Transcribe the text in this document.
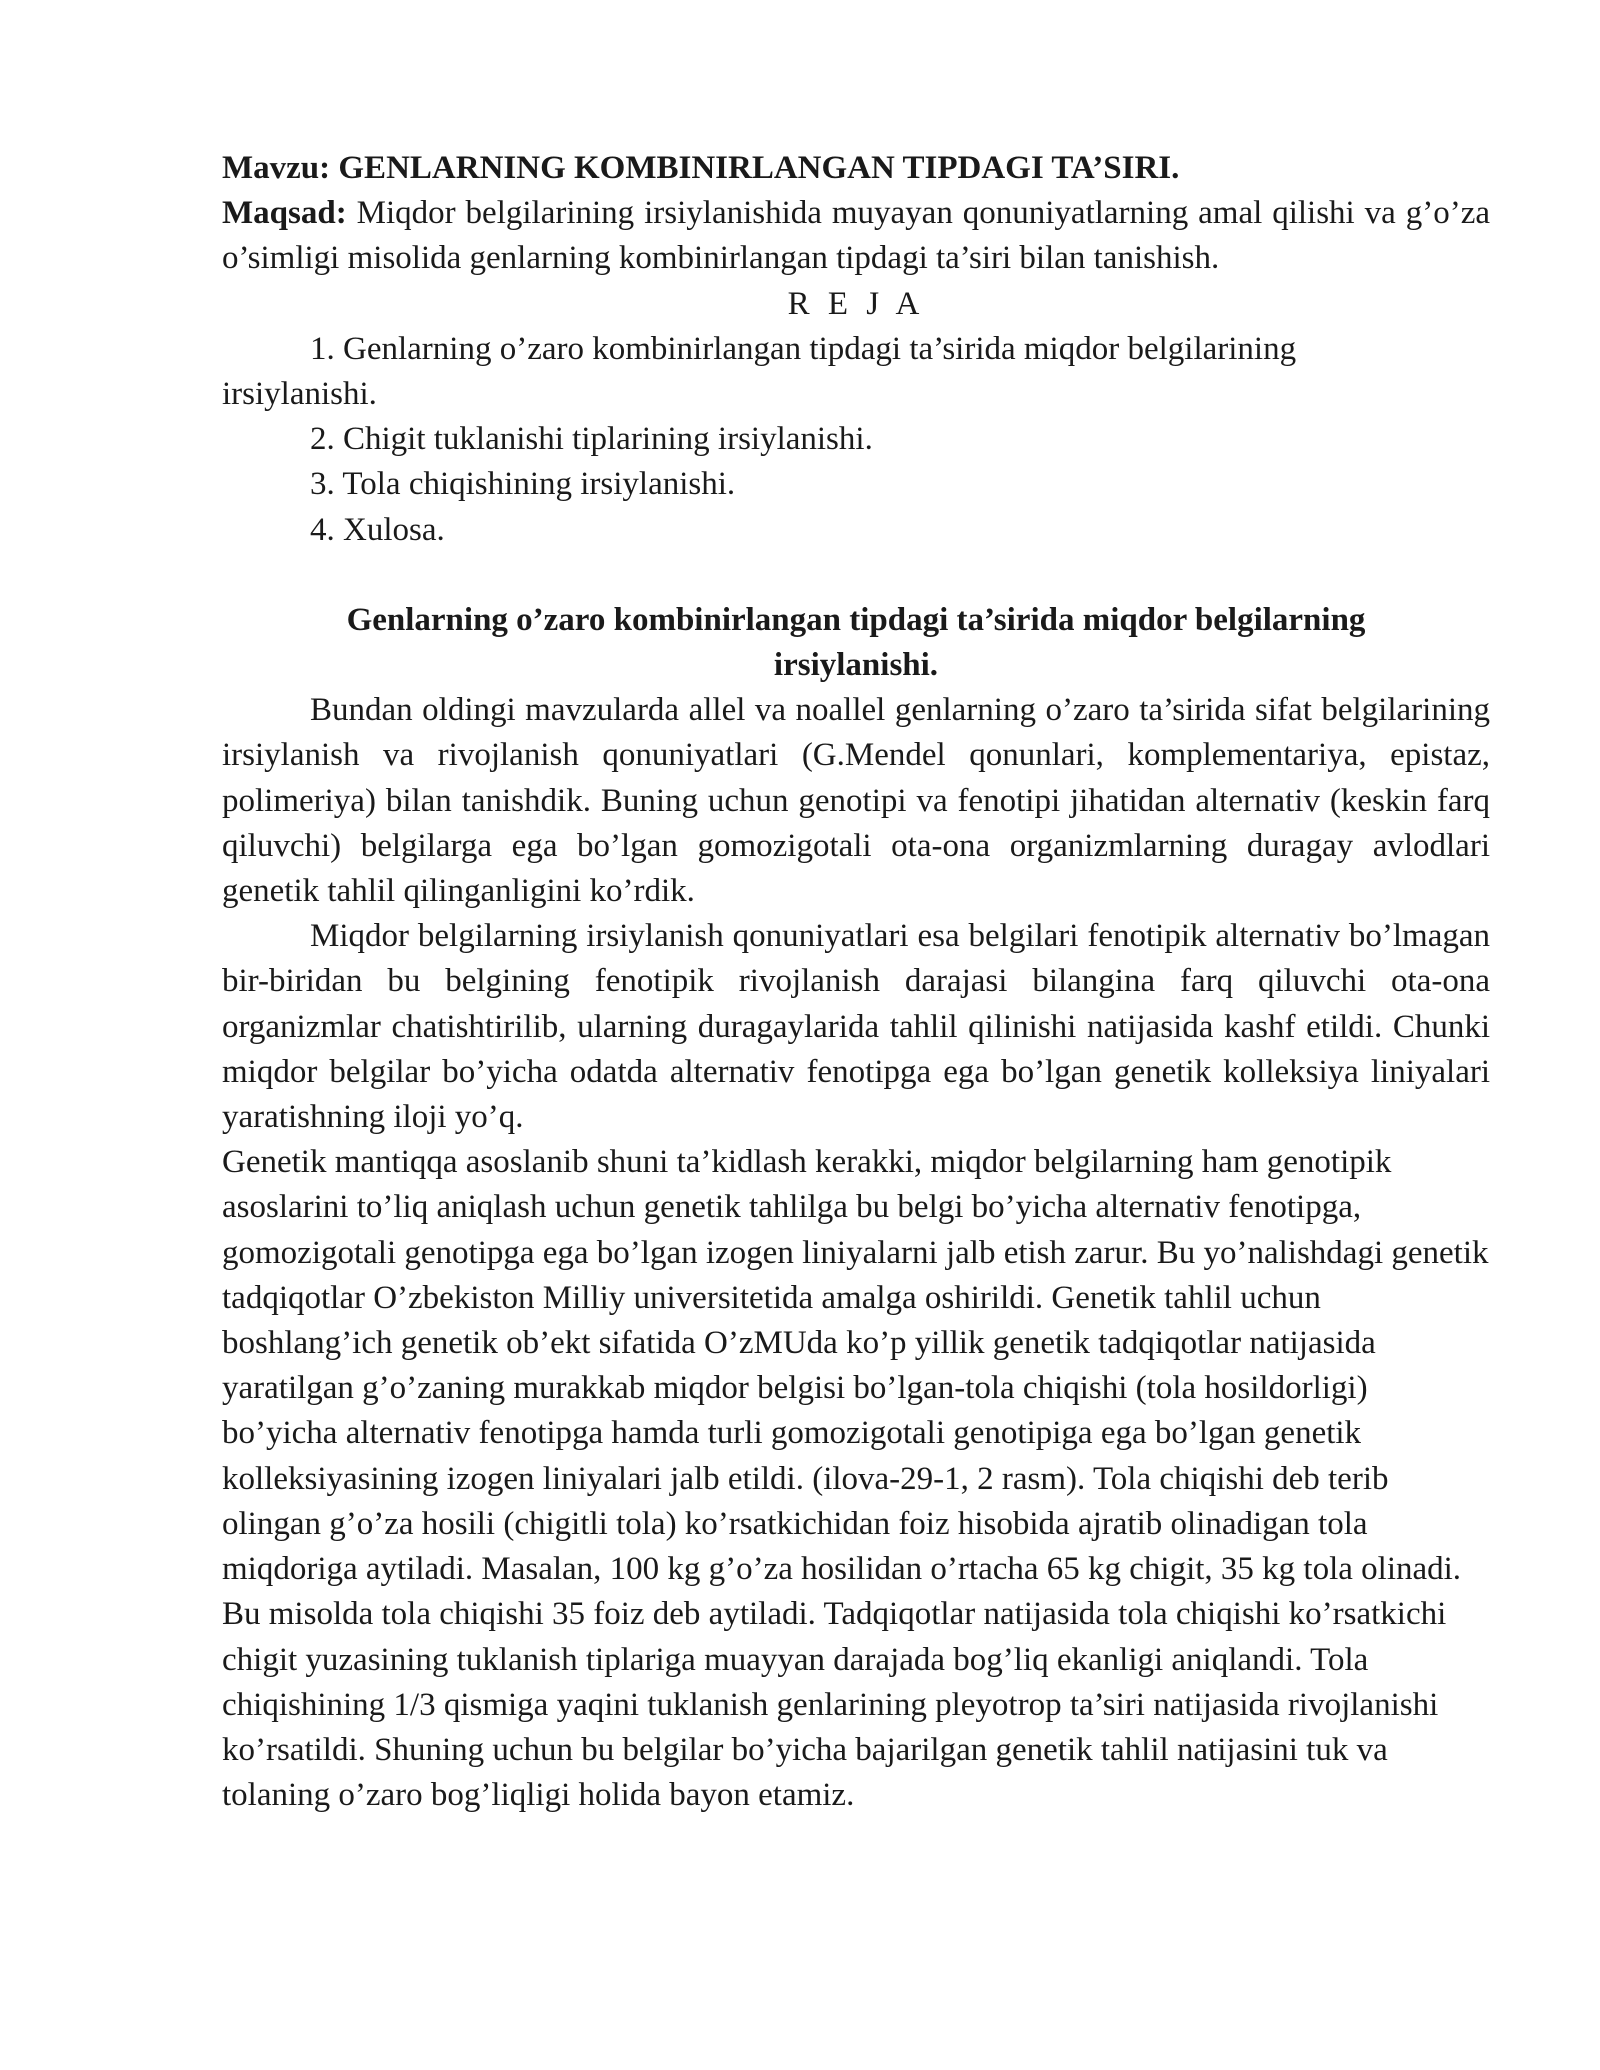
Mavzu: GENLARNING KOMBINIRLANGAN TIPDAGI TA’SIRI.

Maqsad: Miqdor belgilarining irsiylanishida muyayan qonuniyatlarning amal qilishi va g’o’za o’simligi misolida genlarning kombinirlangan tipdagi ta’siri bilan tanishish.

R E J A

1. Genlarning o’zaro kombinirlangan tipdagi ta’sirida miqdor belgilarining
irsiylanishi.

2. Chigit tuklanishi tiplarining irsiylanishi.

3. Tola chiqishining irsiylanishi.

4. Xulosa.

Genlarning o’zaro kombinirlangan tipdagi ta’sirida miqdor belgilarning irsiylanishi.

Bundan oldingi mavzularda allel va noallel genlarning o’zaro ta’sirida sifat belgilarining irsiylanish va rivojlanish qonuniyatlari (G.Mendel qonunlari, komplementariya, epistaz, polimeriya) bilan tanishdik. Buning uchun genotipi va fenotipi jihatidan alternativ (keskin farq qiluvchi) belgilarga ega bo’lgan gomozigotali ota-ona organizmlarning duragay avlodlari genetik tahlil qilinganligini ko’rdik.

Miqdor belgilarning irsiylanish qonuniyatlari esa belgilari fenotipik alternativ bo’lmagan bir-biridan bu belgining fenotipik rivojlanish darajasi bilangina farq qiluvchi ota-ona organizmlar chatishtirilib, ularning duragaylarida tahlil qilinishi natijasida kashf etildi. Chunki miqdor belgilar bo’yicha odatda alternativ fenotipga ega bo’lgan genetik kolleksiya liniyalari yaratishning iloji yo’q.

Genetik mantiqqa asoslanib shuni ta’kidlash kerakki, miqdor belgilarning ham genotipik asoslarini to’liq aniqlash uchun genetik tahlilga bu belgi bo’yicha alternativ fenotipga, gomozigotali genotipga ega bo’lgan izogen liniyalarni jalb etish zarur. Bu yo’nalishdagi genetik tadqiqotlar O’zbekiston Milliy universitetida amalga oshirildi. Genetik tahlil uchun boshlang’ich genetik ob’ekt sifatida O’zMUda ko’p yillik genetik tadqiqotlar natijasida yaratilgan g’o’zaning murakkab miqdor belgisi bo’lgan-tola chiqishi (tola hosildorligi) bo’yicha alternativ fenotipga hamda turli gomozigotali genotipiga ega bo’lgan genetik kolleksiyasining izogen liniyalari jalb etildi. (ilova-29-1, 2 rasm). Tola chiqishi deb terib olingan g’o’za hosili (chigitli tola) ko’rsatkichidan foiz hisobida ajratib olinadigan tola miqdoriga aytiladi. Masalan, 100 kg g’o’za hosilidan o’rtacha 65 kg chigit, 35 kg tola olinadi. Bu misolda tola chiqishi 35 foiz deb aytiladi. Tadqiqotlar natijasida tola chiqishi ko’rsatkichi chigit yuzasining tuklanish tiplariga muayyan darajada bog’liq ekanligi aniqlandi. Tola chiqishining 1/3 qismiga yaqini tuklanish genlarining pleyotrop ta’siri natijasida rivojlanishi ko’rsatildi. Shuning uchun bu belgilar bo’yicha bajarilgan genetik tahlil natijasini tuk va tolaning o’zaro bog’liqligi holida bayon etamiz.
